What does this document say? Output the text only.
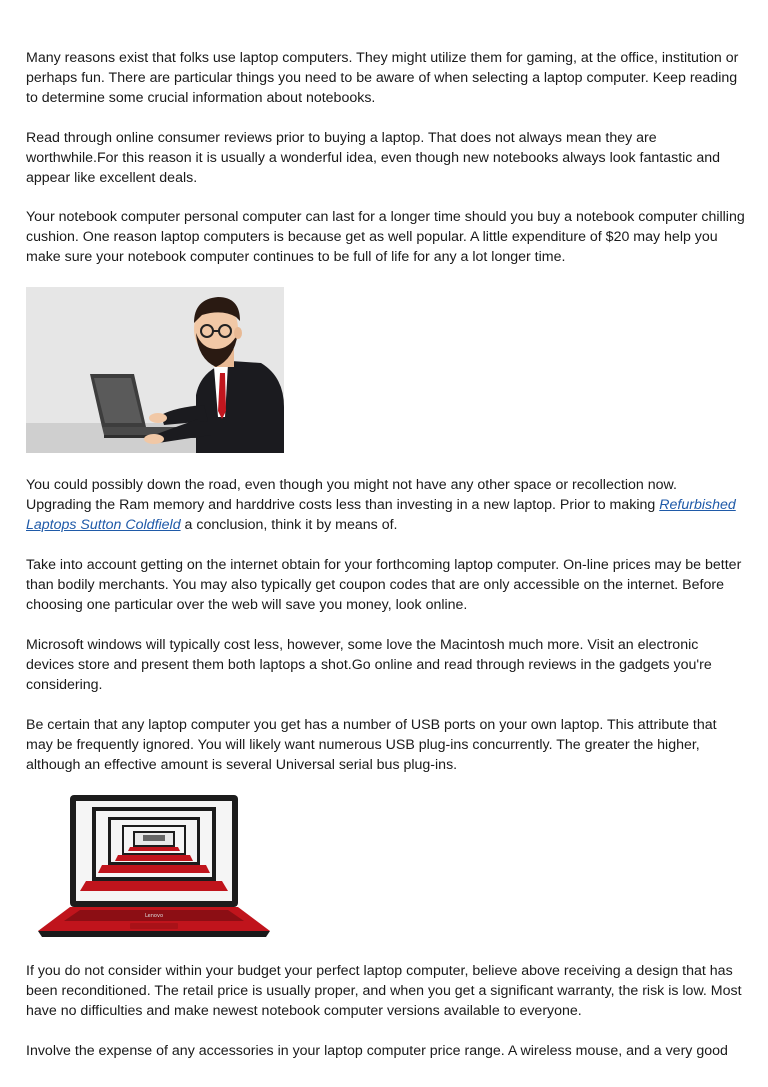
Many reasons exist that folks use laptop computers. They might utilize them for gaming, at the office, institution or perhaps fun. There are particular things you need to be aware of when selecting a laptop computer. Keep reading to determine some crucial information about notebooks.

Read through online consumer reviews prior to buying a laptop. That does not always mean they are worthwhile.For this reason it is usually a wonderful idea, even though new notebooks always look fantastic and appear like excellent deals.

Your notebook computer personal computer can last for a longer time should you buy a notebook computer chilling cushion. One reason laptop computers is because get as well popular. A little expenditure of $20 may help you make sure your notebook computer continues to be full of life for any a lot longer time.

You could possibly down the road, even though you might not have any other space or recollection now. Upgrading the Ram memory and harddrive costs less than investing in a new laptop. Prior to making Refurbished Laptops Sutton Coldfield a conclusion, think it by means of.

Take into account getting on the internet obtain for your forthcoming laptop computer. On-line prices may be better than bodily merchants. You may also typically get coupon codes that are only accessible on the internet. Before choosing one particular over the web will save you money, look online.

Microsoft windows will typically cost less, however, some love the Macintosh much more. Visit an electronic devices store and present them both laptops a shot.Go online and read through reviews in the gadgets you're considering.

Be certain that any laptop computer you get has a number of USB ports on your own laptop. This attribute that may be frequently ignored. You will likely want numerous USB plug-ins concurrently. The greater the higher, although an effective amount is several Universal serial bus plug-ins.

Lenovo

If you do not consider within your budget your perfect laptop computer, believe above receiving a design that has been reconditioned. The retail price is usually proper, and when you get a significant warranty, the risk is low. Most have no difficulties and make newest notebook computer versions available to everyone.

Involve the expense of any accessories in your laptop computer price range. A wireless mouse, and a very good
